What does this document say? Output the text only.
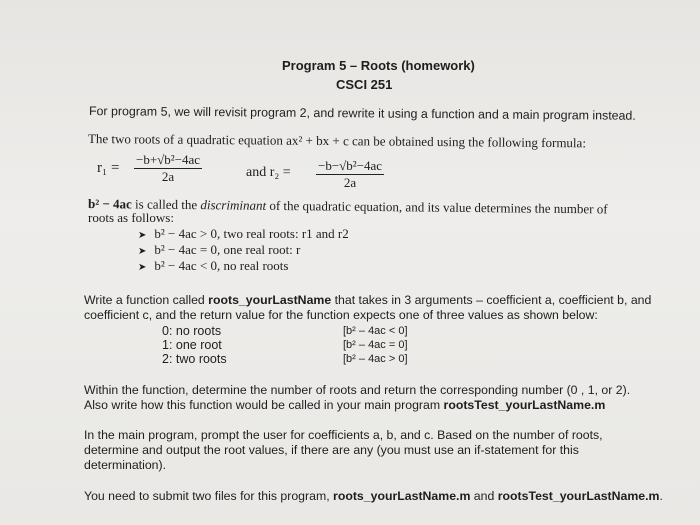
Program 5 – Roots (homework)
CSCI 251
For program 5, we will revisit program 2, and rewrite it using a function and a main program instead.
The two roots of a quadratic equation ax² + bx + c can be obtained using the following formula:
$r_1 = \frac{\text{−b+√b²−4ac}}{2a}$	and $r_2 = \frac{\text{−b−√b²−4ac}}{2a}$
b² − 4ac is called the discriminant of the quadratic equation, and its value determines the number of
roots as follows:
➤ b² − 4ac > 0, two real roots: r1 and r2
➤ b² − 4ac = 0, one real root: r
➤ b² − 4ac < 0, no real roots
Write a function called roots_yourLastName that takes in 3 arguments – coefficient a, coefficient b, and
coefficient c, and the return value for the function expects one of three values as shown below:
0: no roots	[b² – 4ac < 0]
1: one root	[b² – 4ac = 0]
2: two roots	[b² – 4ac > 0]
Within the function, determine the number of roots and return the corresponding number (0 , 1, or 2).
Also write how this function would be called in your main program rootsTest_yourLastName.m
In the main program, prompt the user for coefficients a, b, and c. Based on the number of roots,
determine and output the root values, if there are any (you must use an if-statement for this
determination).
You need to submit two files for this program, roots_yourLastName.m and rootsTest_yourLastName.m.
